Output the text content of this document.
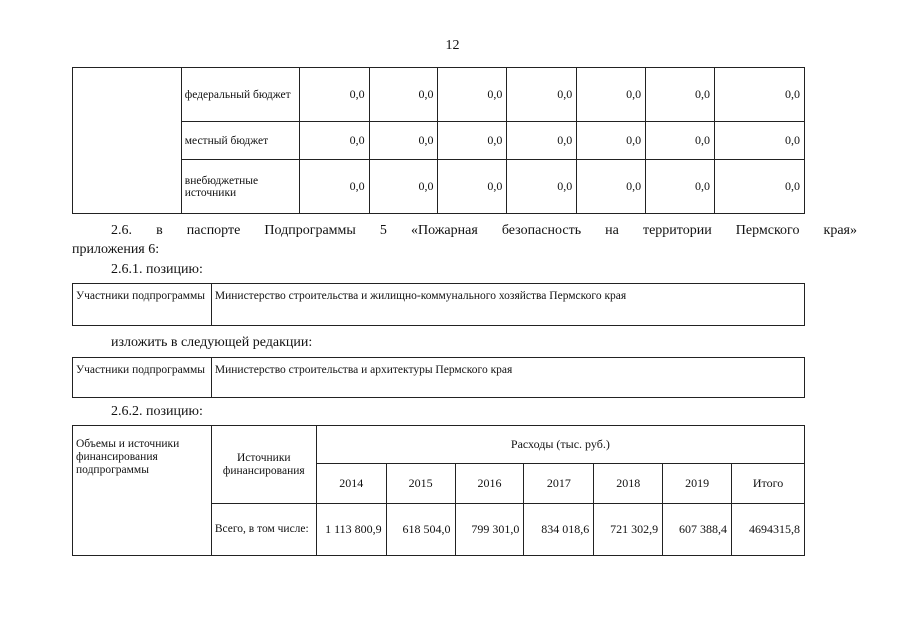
12
	федеральный бюджет	0,0	0,0	0,0	0,0	0,0	0,0	0,0
	местный бюджет	0,0	0,0	0,0	0,0	0,0	0,0	0,0
	внебюджетные источники	0,0	0,0	0,0	0,0	0,0	0,0	0,0
2.6. в паспорте Подпрограммы 5 «Пожарная безопасность на территории Пермского края»
приложения 6:
2.6.1. позицию:
Участники подпрограммы	Министерство строительства и жилищно-коммунального хозяйства Пермского края
изложить в следующей редакции:
Участники подпрограммы	Министерство строительства и архитектуры Пермского края
2.6.2. позицию:
Объемы и источники финансирования подпрограммы	Источники финансирования	Расходы (тыс. руб.)						
		2014	2015	2016	2017	2018	2019	Итого
	Всего, в том числе:	1 113 800,9	618 504,0	799 301,0	834 018,6	721 302,9	607 388,4	4694315,8
